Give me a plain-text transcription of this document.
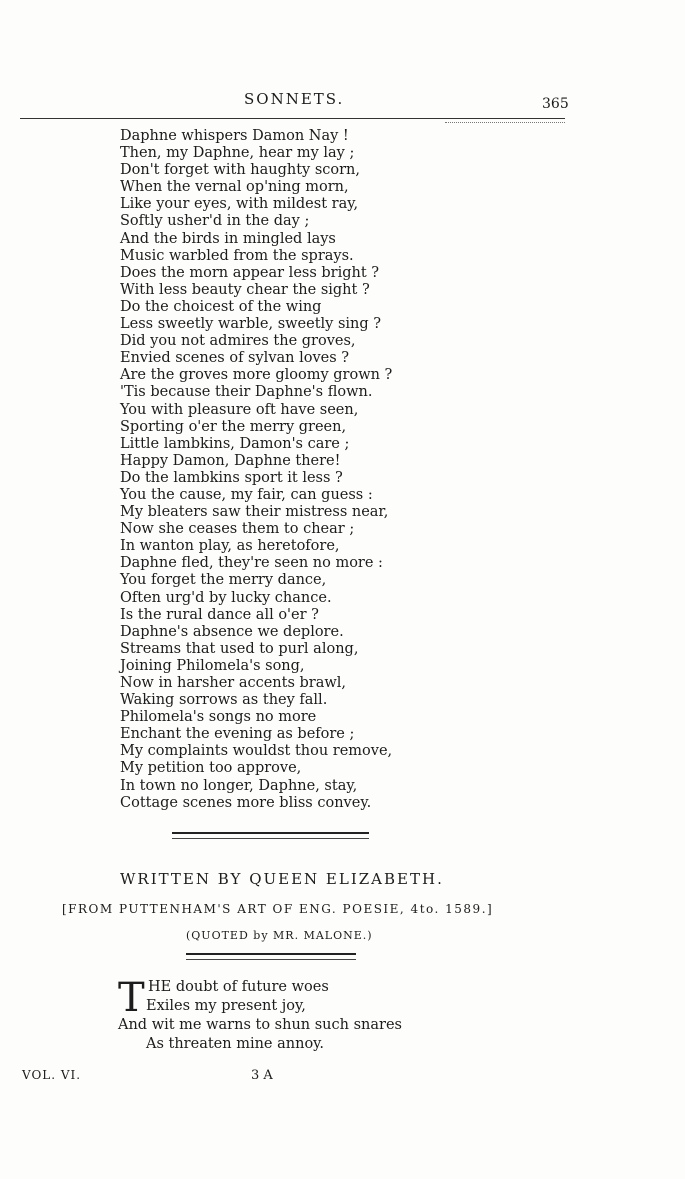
SONNETS.	365
Daphne whispers Damon Nay !
Then, my Daphne, hear my lay ;
Don't forget with haughty scorn,
When the vernal op'ning morn,
Like your eyes, with mildest ray,
Softly usher'd in the day ;
And the birds in mingled lays
Music warbled from the sprays.
Does the morn appear less bright ?
With less beauty chear the sight ?
Do the choicest of the wing
Less sweetly warble, sweetly sing ?
Did you not admires the groves,
Envied scenes of sylvan loves ?
Are the groves more gloomy grown ?
'Tis because their Daphne's flown.
You with pleasure oft have seen,
Sporting o'er the merry green,
Little lambkins, Damon's care ;
Happy Damon, Daphne there!
Do the lambkins sport it less ?
You the cause, my fair, can guess :
My bleaters saw their mistress near,
Now she ceases them to chear ;
In wanton play, as heretofore,
Daphne fled, they're seen no more :
You forget the merry dance,
Often urg'd by lucky chance.
Is the rural dance all o'er ?
Daphne's absence we deplore.
Streams that used to purl along,
Joining Philomela's song,
Now in harsher accents brawl,
Waking sorrows as they fall.
Philomela's songs no more
Enchant the evening as before ;
My complaints wouldst thou remove,
My petition too approve,
In town no longer, Daphne, stay,
Cottage scenes more bliss convey.
WRITTEN BY QUEEN ELIZABETH.
[FROM PUTTENHAM'S ART OF ENG. POESIE, 4to. 1589.]
(QUOTED by MR. MALONE.)
T HE doubt of future woes
Exiles my present joy,
And wit me warns to shun such snares
As threaten mine annoy.
VOL. VI.	3 A
